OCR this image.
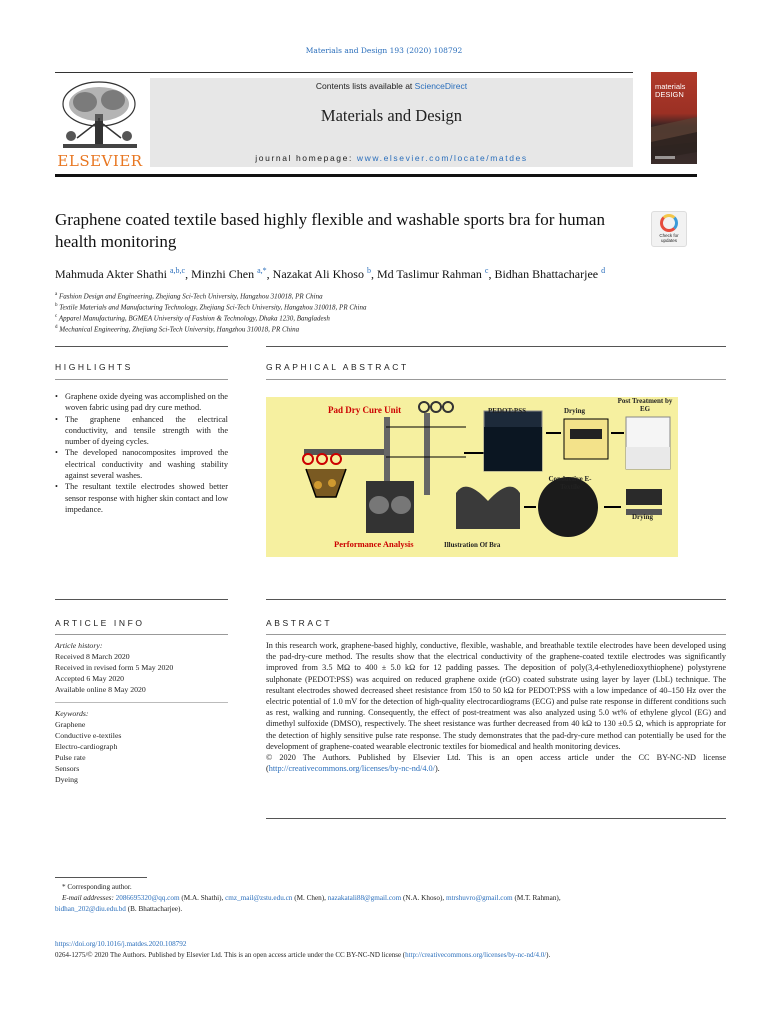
Materials and Design 193 (2020) 108792
ELSEVIER
Contents lists available at ScienceDirect
Materials and Design
journal homepage: www.elsevier.com/locate/matdes
materials DESIGN
Graphene coated textile based highly flexible and washable sports bra for human health monitoring	Check for updates
Mahmuda Akter Shathi $^{a,b,c}$, Minzhi Chen $^{a,*}$, Nazakat Ali Khoso $^b$, Md Taslimur Rahman $^c$, Bidhan Bhattacharjee $^d$
$^a$ Fashion Design and Engineering, Zhejiang Sci-Tech University, Hangzhou 310018, PR China
$^b$ Textile Materials and Manufacturing Technology, Zhejiang Sci-Tech University, Hangzhou 310018, PR China
$^c$ Apparel Manufacturing, BGMEA University of Fashion & Technology, Dhaka 1230, Bangladesh
$^d$ Mechanical Engineering, Zhejiang Sci-Tech University, Hangzhou 310018, PR China
HIGHLIGHTS
• Graphene oxide dyeing was accomplished on the woven fabric using pad dry cure method.
• The graphene enhanced the electrical conductivity, and tensile strength with the number of dyeing cycles.
• The developed nanocomposites improved the electrical conductivity and washing stability against several washes.
• The resultant textile electrodes showed better sensor response with higher skin contact and low impedance.
GRAPHICAL ABSTRACT
Pad Dry Cure Unit	PEDOT:PSS	Drying
Post Treatment by EG
Conductive E-Textile
Drying
Performance Analysis	Illustration Of Bra
ARTICLE INFO
Article history:
Received 8 March 2020
Received in revised form 5 May 2020
Accepted 6 May 2020
Available online 8 May 2020
Keywords:
Graphene
Conductive e-textiles
Electro-cardiograph
Pulse rate
Sensors
Dyeing
ABSTRACT
In this research work, graphene-based highly, conductive, flexible, washable, and breathable textile electrodes have been developed using the pad-dry-cure method. The results show that the electrical conductivity of the graphene-coated textile electrodes was significantly improved from 3.5 MΩ to 400 ± 5.0 kΩ for 12 padding passes. The deposition of poly(3,4-ethylenedioxythiophene) polystyrene sulphonate (PEDOT:PSS) was acquired on reduced graphene oxide (rGO) coated substrate using layer by layer (LbL) technique. The resultant electrodes showed decreased sheet resistance from 150 to 50 kΩ for PEDOT:PSS with a low impedance of 40–150 Hz over the electric potential of 1.0 mV for the detection of high-quality electrocardiograms (ECG) and pulse rate response in different conditions such as rest, walking and running. Consequently, the effect of post-treatment was also analyzed using 5.0 wt% of ethylene glycol (EG) and dimethyl sulfoxide (DMSO), respectively. The sheet resistance was further decreased from 40 kΩ to 130 ±0.5 Ω, which is appropriate for the detection of highly sensitive pulse rate response. The study demonstrates that the pad-dry-cure method can potentially be used for the development of graphene-coated wearable electronic textiles for biomedical and health monitoring devices.
© 2020 The Authors. Published by Elsevier Ltd. This is an open access article under the CC BY-NC-ND license (http://creativecommons.org/licenses/by-nc-nd/4.0/).
* Corresponding author.
E-mail addresses: 2086695320@qq.com (M.A. Shathi), cmz_mail@zstu.edu.cn (M. Chen), nazakatali88@gmail.com (N.A. Khoso), mtrshuvro@gmail.com (M.T. Rahman),
bidhan_202@diu.edu.bd (B. Bhattacharjee).
https://doi.org/10.1016/j.matdes.2020.108792
0264-1275/© 2020 The Authors. Published by Elsevier Ltd. This is an open access article under the CC BY-NC-ND license (http://creativecommons.org/licenses/by-nc-nd/4.0/).
